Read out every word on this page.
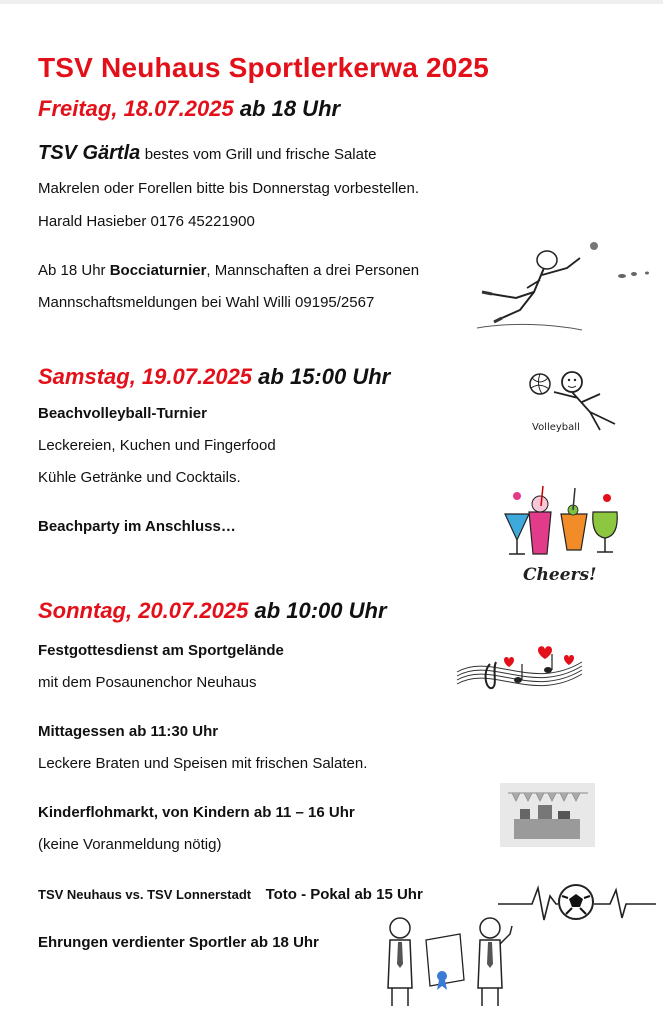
TSV Neuhaus Sportlerkerwa 2025
Freitag, 18.07.2025 ab 18 Uhr
TSV Gärtla bestes vom Grill und frische Salate
Makrelen oder Forellen bitte bis Donnerstag vorbestellen.
Harald Hasieber 0176 45221900
Ab 18 Uhr Bocciaturnier, Mannschaften a drei Personen
Mannschaftsmeldungen bei Wahl Willi 09195/2567
Samstag, 19.07.2025 ab 15:00 Uhr
Beachvolleyball-Turnier
Leckereien, Kuchen und Fingerfood
Kühle Getränke und Cocktails.
Beachparty im Anschluss…
Volleyball
Cheers!
Sonntag, 20.07.2025 ab 10:00 Uhr
Festgottesdienst am Sportgelände
mit dem Posaunenchor Neuhaus
Mittagessen ab 11:30 Uhr
Leckere Braten und Speisen mit frischen Salaten.
Kinderflohmarkt, von Kindern ab 11 – 16 Uhr
(keine Voranmeldung nötig)
TSV Neuhaus vs. TSV Lonnerstadt Toto - Pokal ab 15 Uhr
Ehrungen verdienter Sportler ab 18 Uhr
